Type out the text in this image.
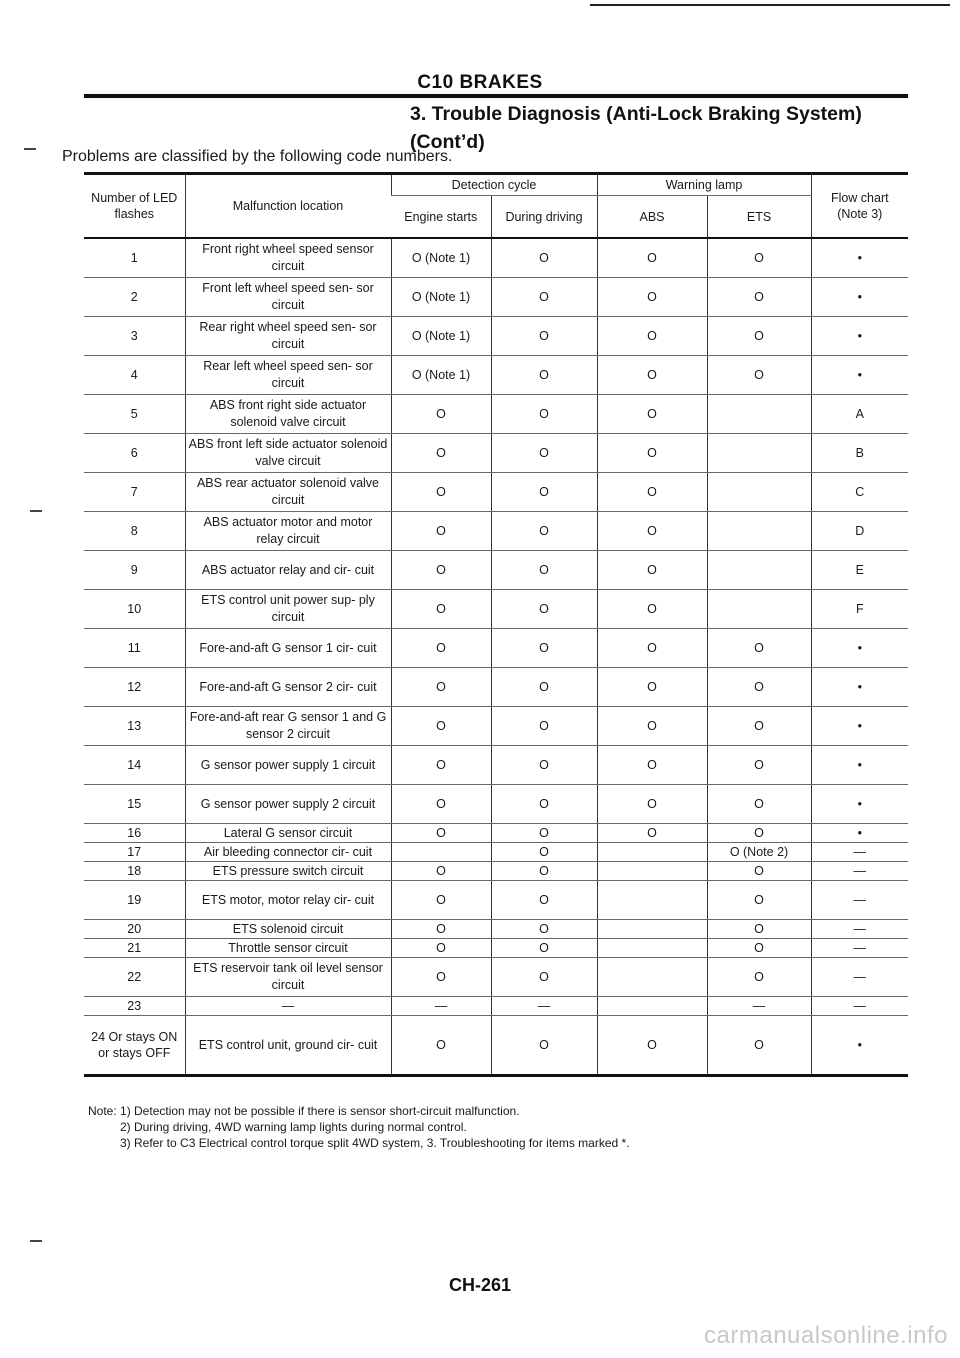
C10 BRAKES
3. Trouble Diagnosis (Anti-Lock Braking System)
(Cont’d)
Problems are classified by the following code numbers.
Number of LED flashes	Malfunction location	Detection cycle		Warning lamp		Flow chart (Note 3)
		Engine starts	During driving	ABS	ETS	
1	Front right wheel speed sensor circuit	O (Note 1)	O	O	O	•
2	Front left wheel speed sen- sor circuit	O (Note 1)	O	O	O	•
3	Rear right wheel speed sen- sor circuit	O (Note 1)	O	O	O	•
4	Rear left wheel speed sen- sor circuit	O (Note 1)	O	O	O	•
5	ABS front right side actuator solenoid valve circuit	O	O	O		A
6	ABS front left side actuator solenoid valve circuit	O	O	O		B
7	ABS rear actuator solenoid valve circuit	O	O	O		C
8	ABS actuator motor and motor relay circuit	O	O	O		D
9	ABS actuator relay and cir- cuit	O	O	O		E
10	ETS control unit power sup- ply circuit	O	O	O		F
11	Fore-and-aft G sensor 1 cir- cuit	O	O	O	O	•
12	Fore-and-aft G sensor 2 cir- cuit	O	O	O	O	•
13	Fore-and-aft rear G sensor 1 and G sensor 2 circuit	O	O	O	O	•
14	G sensor power supply 1 circuit	O	O	O	O	•
15	G sensor power supply 2 circuit	O	O	O	O	•
16	Lateral G sensor circuit	O	O	O	O	•
17	Air bleeding connector cir- cuit		O		O (Note 2)	—
18	ETS pressure switch circuit	O	O		O	—
19	ETS motor, motor relay cir- cuit	O	O		O	—
20	ETS solenoid circuit	O	O		O	—
21	Throttle sensor circuit	O	O		O	—
22	ETS reservoir tank oil level sensor circuit	O	O		O	—
23	—	—	—		—	—
24 Or stays ON or stays OFF	ETS control unit, ground cir- cuit	O	O	O	O	•
Note: 1) Detection may not be possible if there is sensor short-circuit malfunction.
2) During driving, 4WD warning lamp lights during normal control.
3) Refer to C3 Electrical control torque split 4WD system, 3. Troubleshooting for items marked *.
CH-261
carmanualsonline.info
